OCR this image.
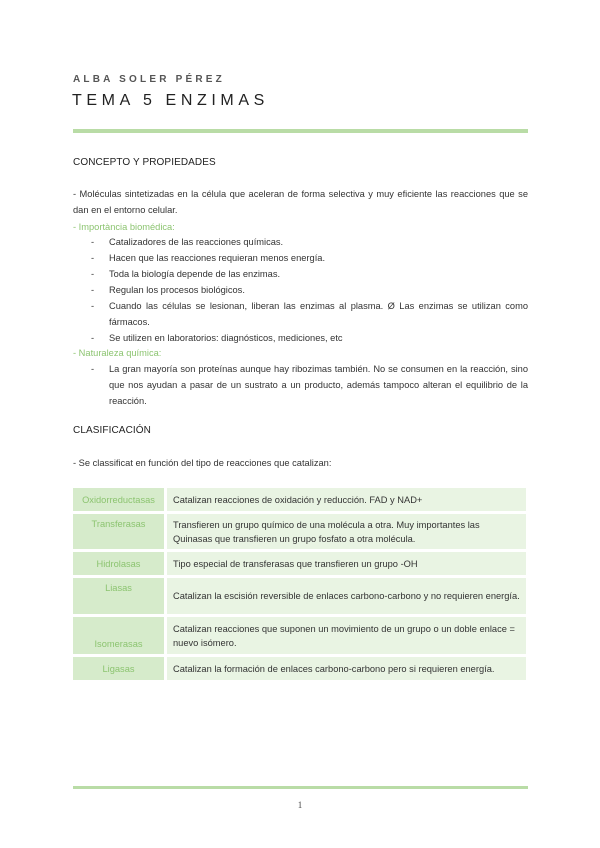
ALBA SOLER PÉREZ
TEMA 5 ENZIMAS
CONCEPTO Y PROPIEDADES
- Moléculas sintetizadas en la célula que aceleran de forma selectiva y muy eficiente las reacciones que se dan en el entorno celular.
- Importància biomédica:
- Catalizadores de las reacciones químicas.
- Hacen que las reacciones requieran menos energía.
- Toda la biología depende de las enzimas.
- Regulan los procesos biológicos.
- Cuando las células se lesionan, liberan las enzimas al plasma. Ø Las enzimas se utilizan como fármacos.
- Se utilizen en laboratorios: diagnósticos, mediciones, etc
- Naturaleza química:
- La gran mayoría son proteínas aunque hay ribozimas también. No se consumen en la reacción, sino que nos ayudan a pasar de un sustrato a un producto, además tampoco alteran el equilibrio de la reacción.
CLASIFICACIÓN
- Se classificat en función del tipo de reacciones que catalizan:
Oxidorreductasas	Catalizan reacciones de oxidación y reducción. FAD y NAD+
Transferasas	Transfieren un grupo químico de una molécula a otra. Muy importantes las Quinasas que transfieren un grupo fosfato a otra molécula.
Hidrolasas	Tipo especial de transferasas que transfieren un grupo -OH
Liasas	Catalizan la escisión reversible de enlaces carbono-carbono y no requieren energía.
Isomerasas	Catalizan reacciones que suponen un movimiento de un grupo o un doble enlace = nuevo isómero.
Ligasas	Catalizan la formación de enlaces carbono-carbono pero si requieren energía.
1
